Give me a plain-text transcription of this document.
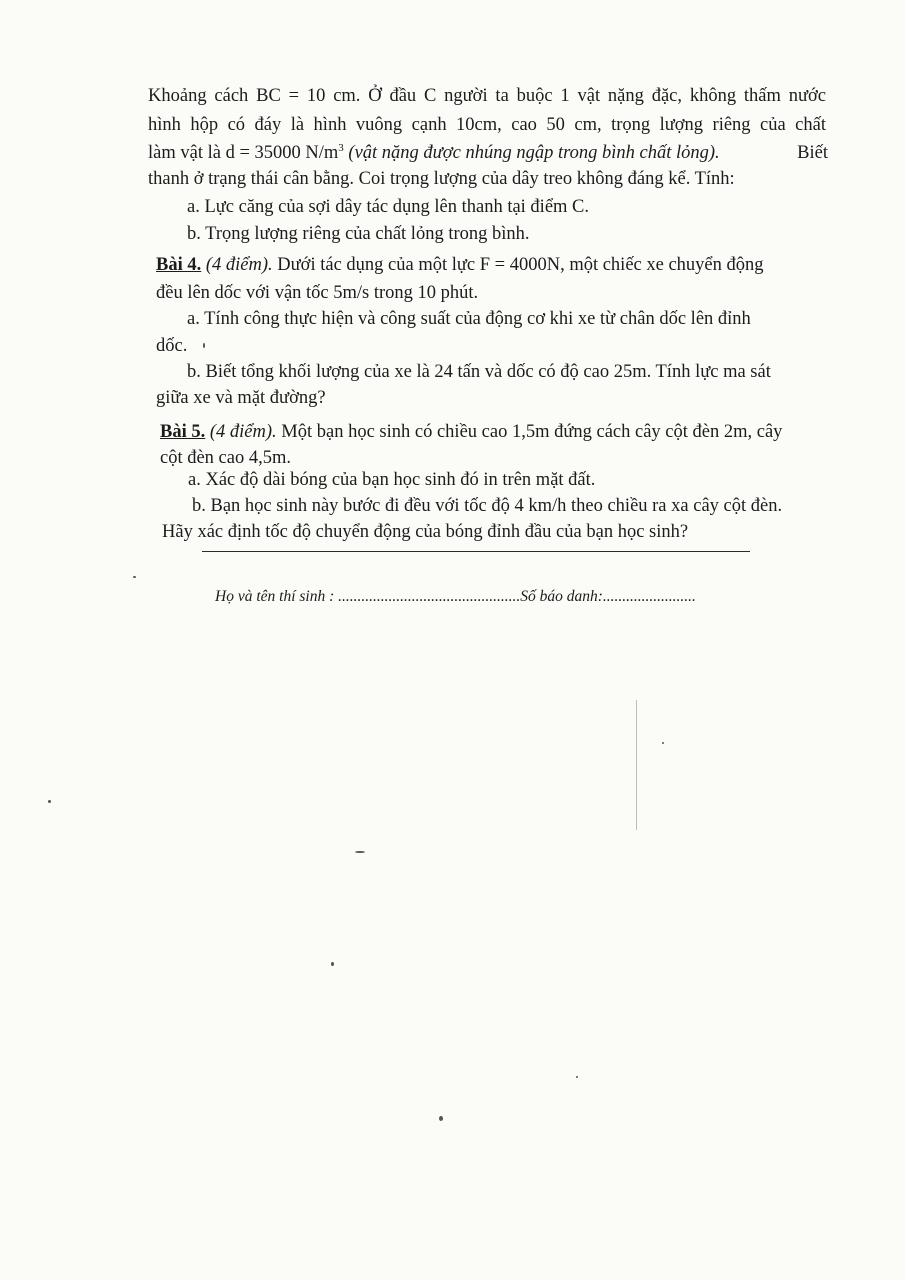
Khoảng cách BC = 10 cm. Ở đầu C người ta buộc 1 vật nặng đặc, không thấm nước
hình hộp có đáy là hình vuông cạnh 10cm, cao 50 cm, trọng lượng riêng của chất
làm vật là d = 35000 $N/m^3$ (vật nặng được nhúng ngập trong bình chất lỏng).	Biết
thanh ở trạng thái cân bằng. Coi trọng lượng của dây treo không đáng kể. Tính:
a. Lực căng của sợi dây tác dụng lên thanh tại điểm C.
b. Trọng lượng riêng của chất lỏng trong bình.
Bài 4. (4 điểm). Dưới tác dụng của một lực F = 4000N, một chiếc xe chuyển động
đều lên dốc với vận tốc 5m/s trong 10 phút.
a. Tính công thực hiện và công suất của động cơ khi xe từ chân dốc lên đỉnh
dốc.
b. Biết tổng khối lượng của xe là 24 tấn và dốc có độ cao 25m. Tính lực ma sát
giữa xe và mặt đường?
Bài 5. (4 điểm). Một bạn học sinh có chiều cao 1,5m đứng cách cây cột đèn 2m, cây
cột đèn cao 4,5m.
a. Xác độ dài bóng của bạn học sinh đó in trên mặt đất.
b. Bạn học sinh này bước đi đều với tốc độ 4 km/h theo chiều ra xa cây cột đèn.
Hãy xác định tốc độ chuyển động của bóng đỉnh đầu của bạn học sinh?
Họ và tên thí sinh : ...............................................Số báo danh:........................
